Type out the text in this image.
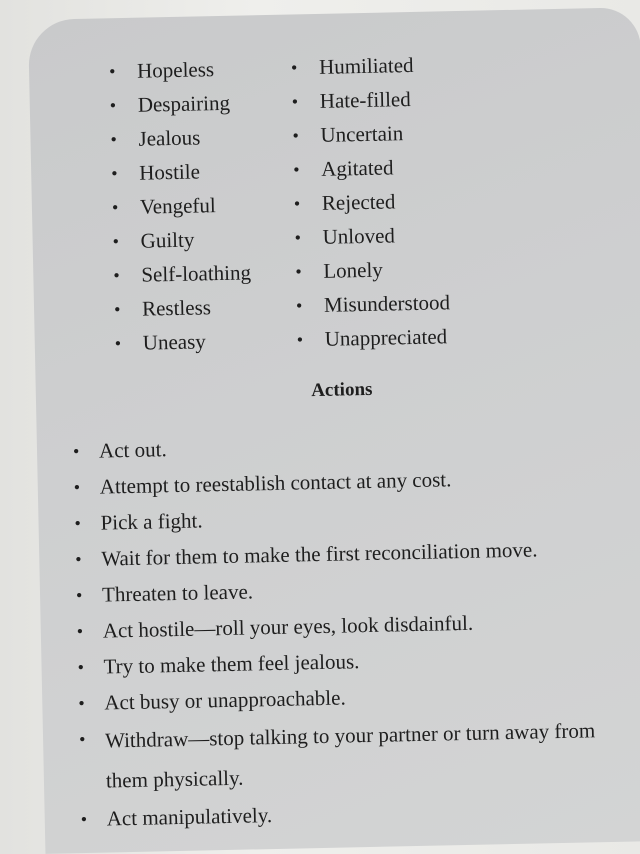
• Hopeless
• Despairing
• Jealous
• Hostile
• Vengeful
• Guilty
• Self-loathing
• Restless
• Uneasy
• Humiliated
• Hate-filled
• Uncertain
• Agitated
• Rejected
• Unloved
• Lonely
• Misunderstood
• Unappreciated
Actions
• Act out.
• Attempt to reestablish contact at any cost.
• Pick a fight.
• Wait for them to make the first reconciliation move.
• Threaten to leave.
• Act hostile—roll your eyes, look disdainful.
• Try to make them feel jealous.
• Act busy or unapproachable.
• Withdraw—stop talking to your partner or turn away from them physically.
• Act manipulatively.
